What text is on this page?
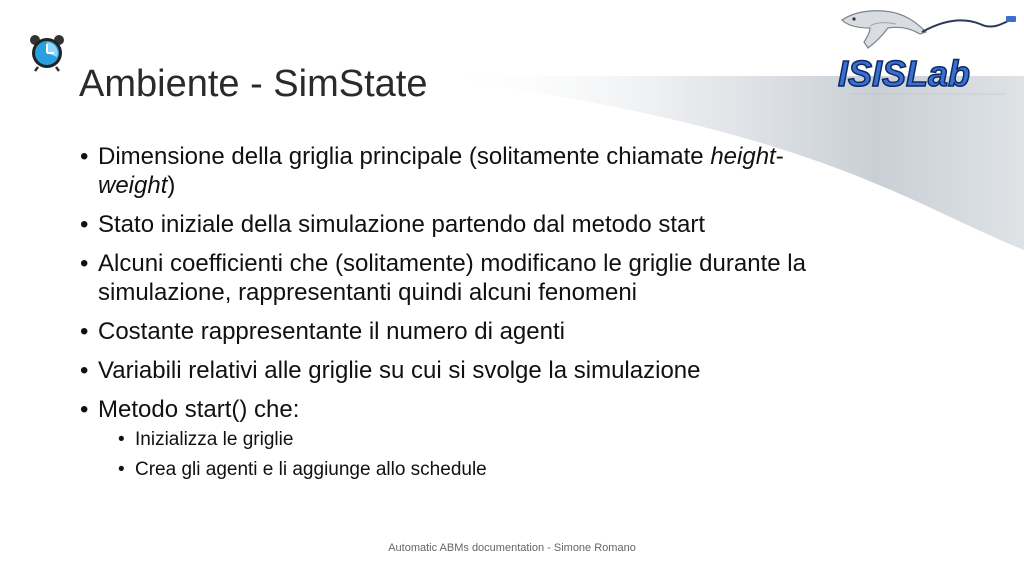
ISISLab
Ambiente - SimState
• Dimensione della griglia principale (solitamente chiamate height-
weight)
• Stato iniziale della simulazione partendo dal metodo start
• Alcuni coefficienti che (solitamente) modificano le griglie durante la simulazione, rappresentanti quindi alcuni fenomeni
• Costante rappresentante il numero di agenti
• Variabili relativi alle griglie su cui si svolge la simulazione
• Metodo start() che:
• Inizializza le griglie
• Crea gli agenti e li aggiunge allo schedule
Automatic ABMs documentation - Simone Romano
